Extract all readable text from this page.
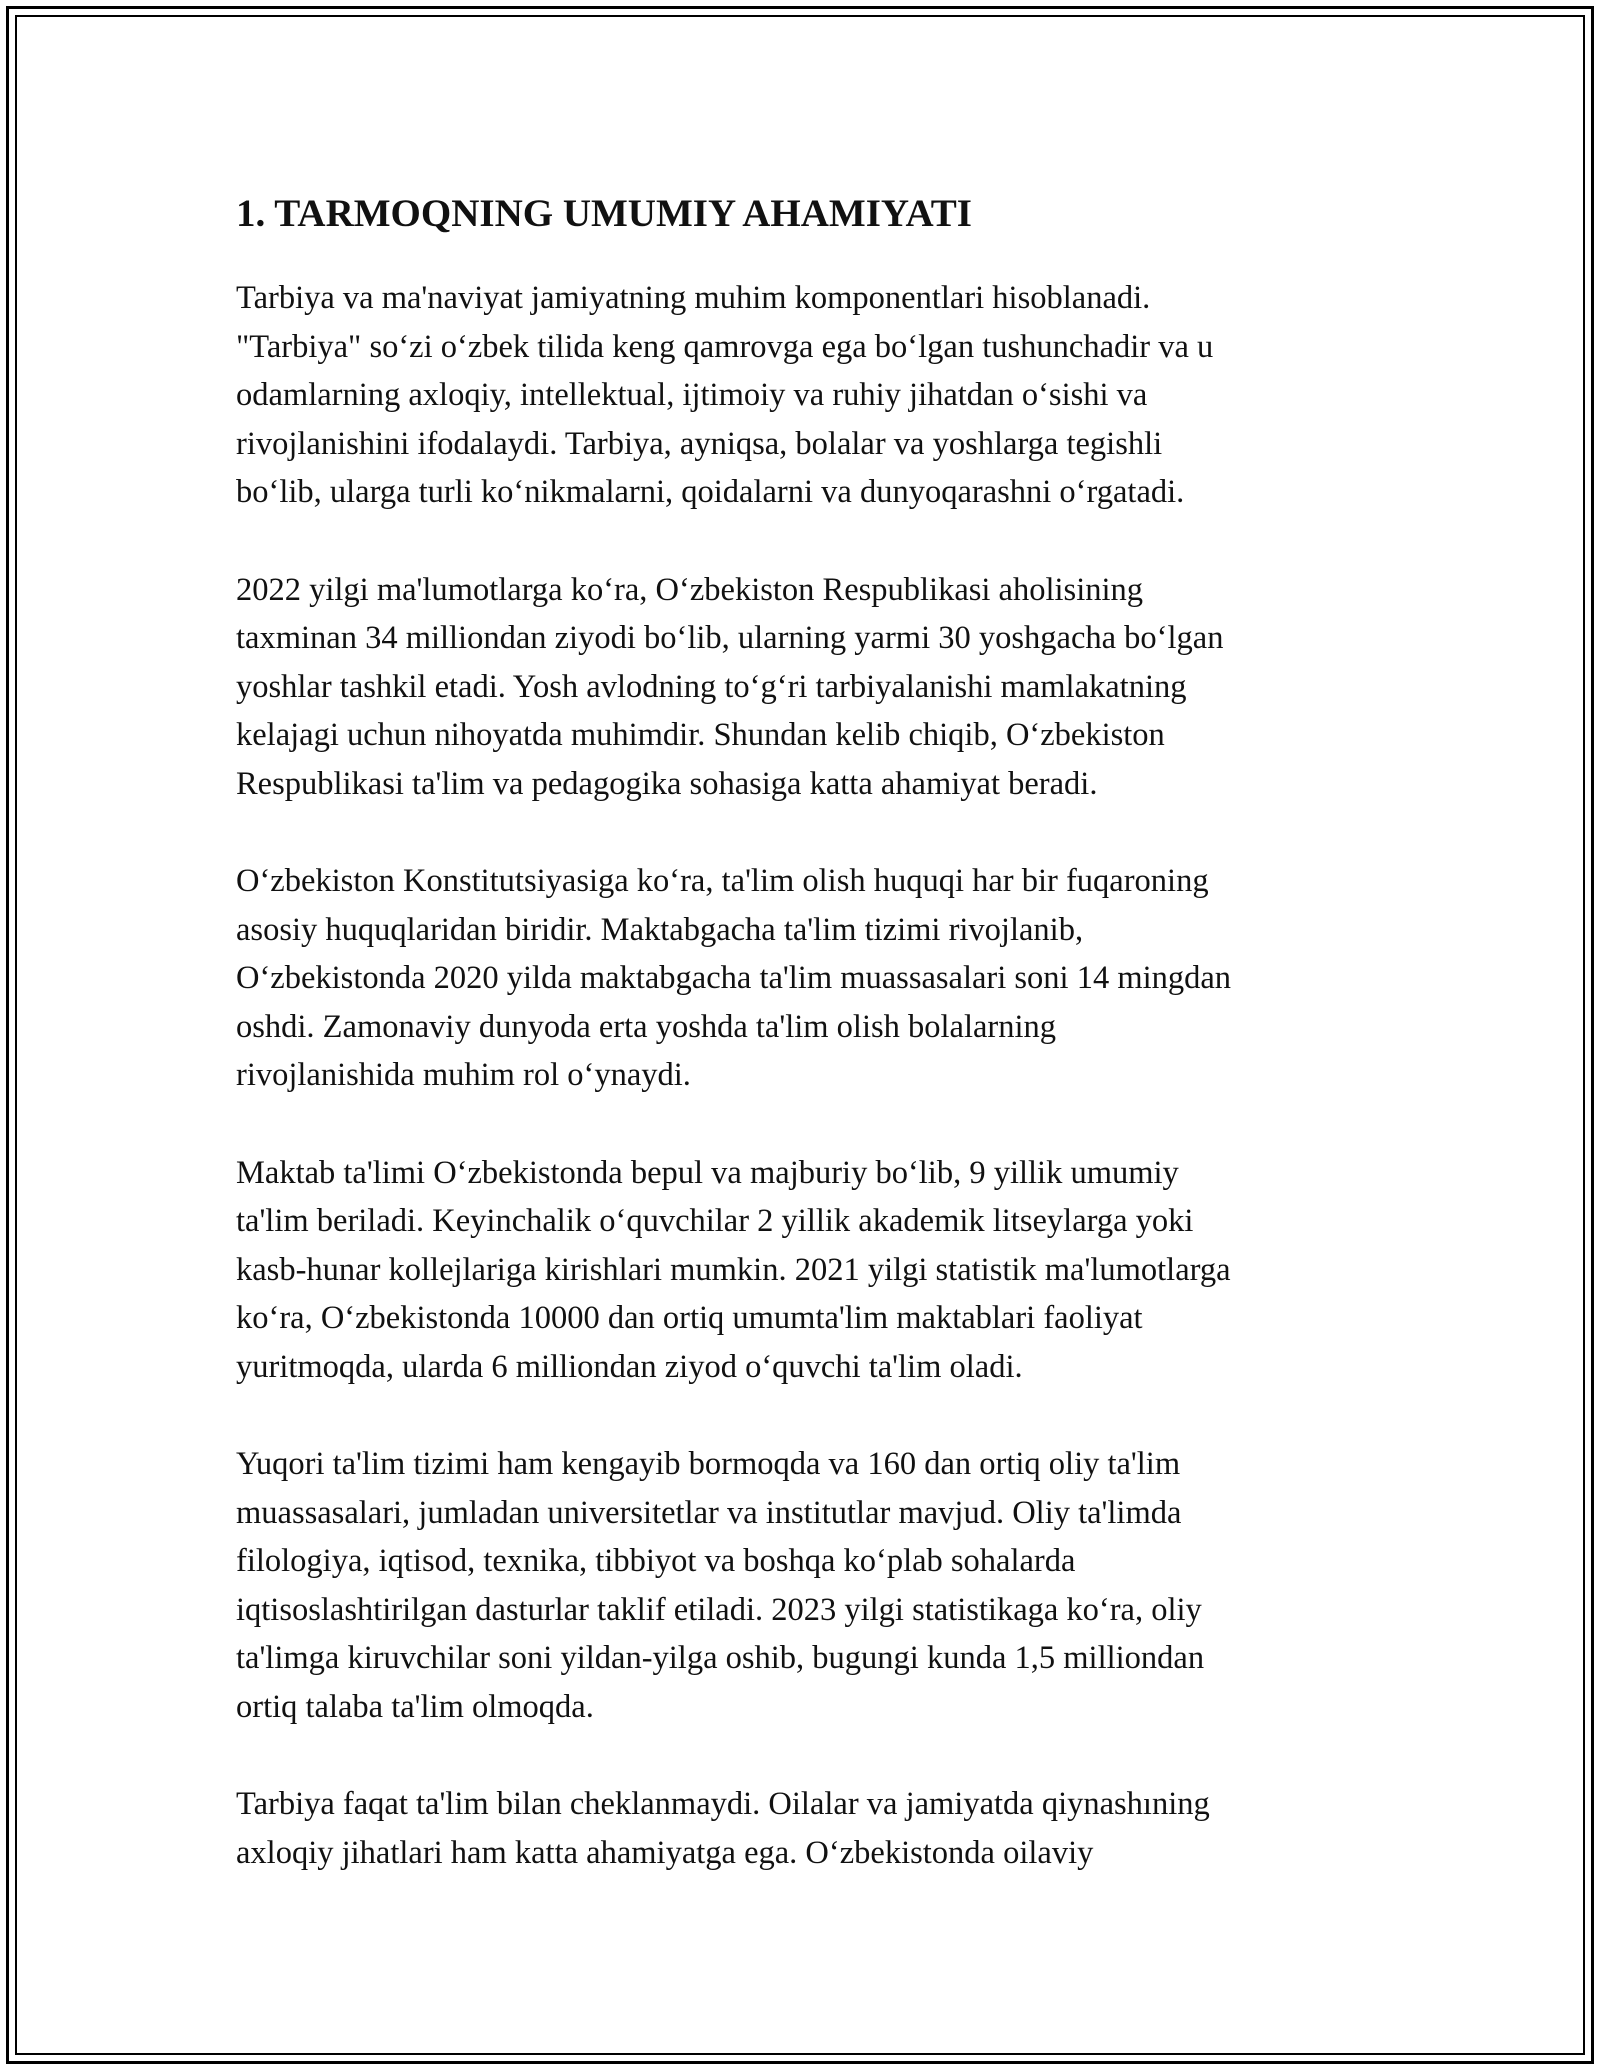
1. TARMOQNING UMUMIY AHAMIYATI

Tarbiya va ma'naviyat jamiyatning muhim komponentlari hisoblanadi.
"Tarbiya" soʻzi oʻzbek tilida keng qamrovga ega boʻlgan tushunchadir va u
odamlarning axloqiy, intellektual, ijtimoiy va ruhiy jihatdan oʻsishi va
rivojlanishini ifodalaydi. Tarbiya, ayniqsa, bolalar va yoshlarga tegishli
boʻlib, ularga turli koʻnikmalarni, qoidalarni va dunyoqarashni oʻrgatadi.

2022 yilgi ma'lumotlarga koʻra, Oʻzbekiston Respublikasi aholisining
taxminan 34 milliondan ziyodi boʻlib, ularning yarmi 30 yoshgacha boʻlgan
yoshlar tashkil etadi. Yosh avlodning toʻgʻri tarbiyalanishi mamlakatning
kelajagi uchun nihoyatda muhimdir. Shundan kelib chiqib, Oʻzbekiston
Respublikasi ta'lim va pedagogika sohasiga katta ahamiyat beradi.

Oʻzbekiston Konstitutsiyasiga koʻra, ta'lim olish huquqi har bir fuqaroning
asosiy huquqlaridan biridir. Maktabgacha ta'lim tizimi rivojlanib,
Oʻzbekistonda 2020 yilda maktabgacha ta'lim muassasalari soni 14 mingdan
oshdi. Zamonaviy dunyoda erta yoshda ta'lim olish bolalarning
rivojlanishida muhim rol oʻynaydi.

Maktab ta'limi Oʻzbekistonda bepul va majburiy boʻlib, 9 yillik umumiy
ta'lim beriladi. Keyinchalik oʻquvchilar 2 yillik akademik litseylarga yoki
kasb-hunar kollejlariga kirishlari mumkin. 2021 yilgi statistik ma'lumotlarga
koʻra, Oʻzbekistonda 10000 dan ortiq umumta'lim maktablari faoliyat
yuritmoqda, ularda 6 milliondan ziyod oʻquvchi ta'lim oladi.

Yuqori ta'lim tizimi ham kengayib bormoqda va 160 dan ortiq oliy ta'lim
muassasalari, jumladan universitetlar va institutlar mavjud. Oliy ta'limda
filologiya, iqtisod, texnika, tibbiyot va boshqa koʻplab sohalarda
iqtisoslashtirilgan dasturlar taklif etiladi. 2023 yilgi statistikaga koʻra, oliy
ta'limga kiruvchilar soni yildan-yilga oshib, bugungi kunda 1,5 milliondan
ortiq talaba ta'lim olmoqda.

Tarbiya faqat ta'lim bilan cheklanmaydi. Oilalar va jamiyatda qiynashıning
axloqiy jihatlari ham katta ahamiyatga ega. Oʻzbekistonda oilaviy
